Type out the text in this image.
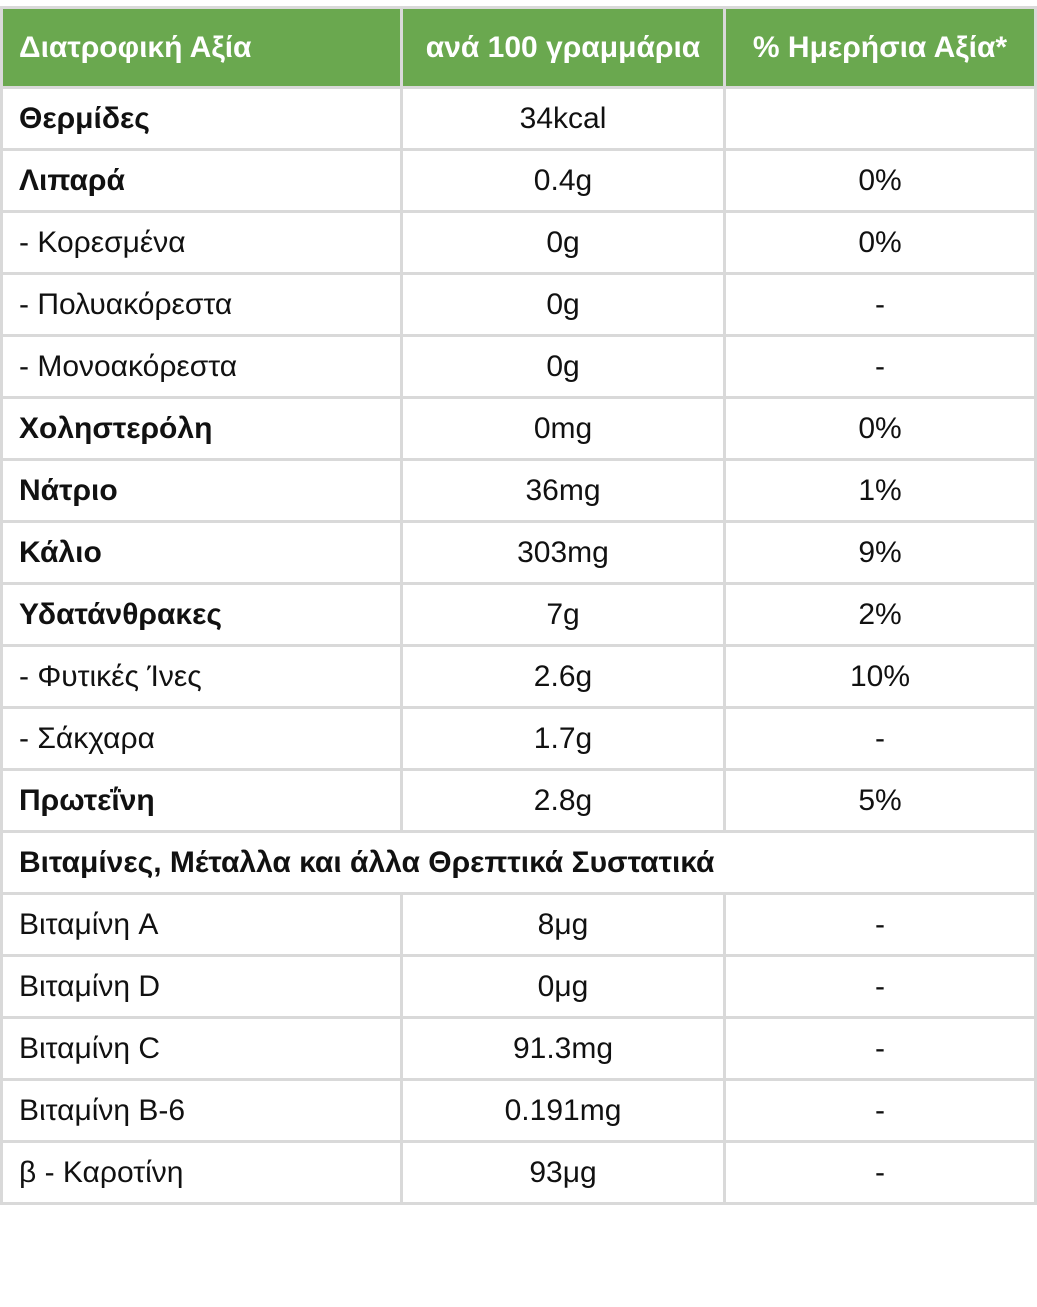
Διατροφική Αξία	ανά 100 γραμμάρια	% Ημερήσια Αξία*
Θερμίδες	34kcal	
Λιπαρά	0.4g	0%
- Κορεσμένα	0g	0%
- Πολυακόρεστα	0g	-
- Μονοακόρεστα	0g	-
Χοληστερόλη	0mg	0%
Νάτριο	36mg	1%
Κάλιο	303mg	9%
Υδατάνθρακες	7g	2%
- Φυτικές Ίνες	2.6g	10%
- Σάκχαρα	1.7g	-
Πρωτεΐνη	2.8g	5%
Βιταμίνες, Μέταλλα και άλλα Θρεπτικά Συστατικά		
Βιταμίνη A	8μg	-
Βιταμίνη D	0μg	-
Βιταμίνη C	91.3mg	-
Βιταμίνη B-6	0.191mg	-
β - Καροτίνη	93μg	-
